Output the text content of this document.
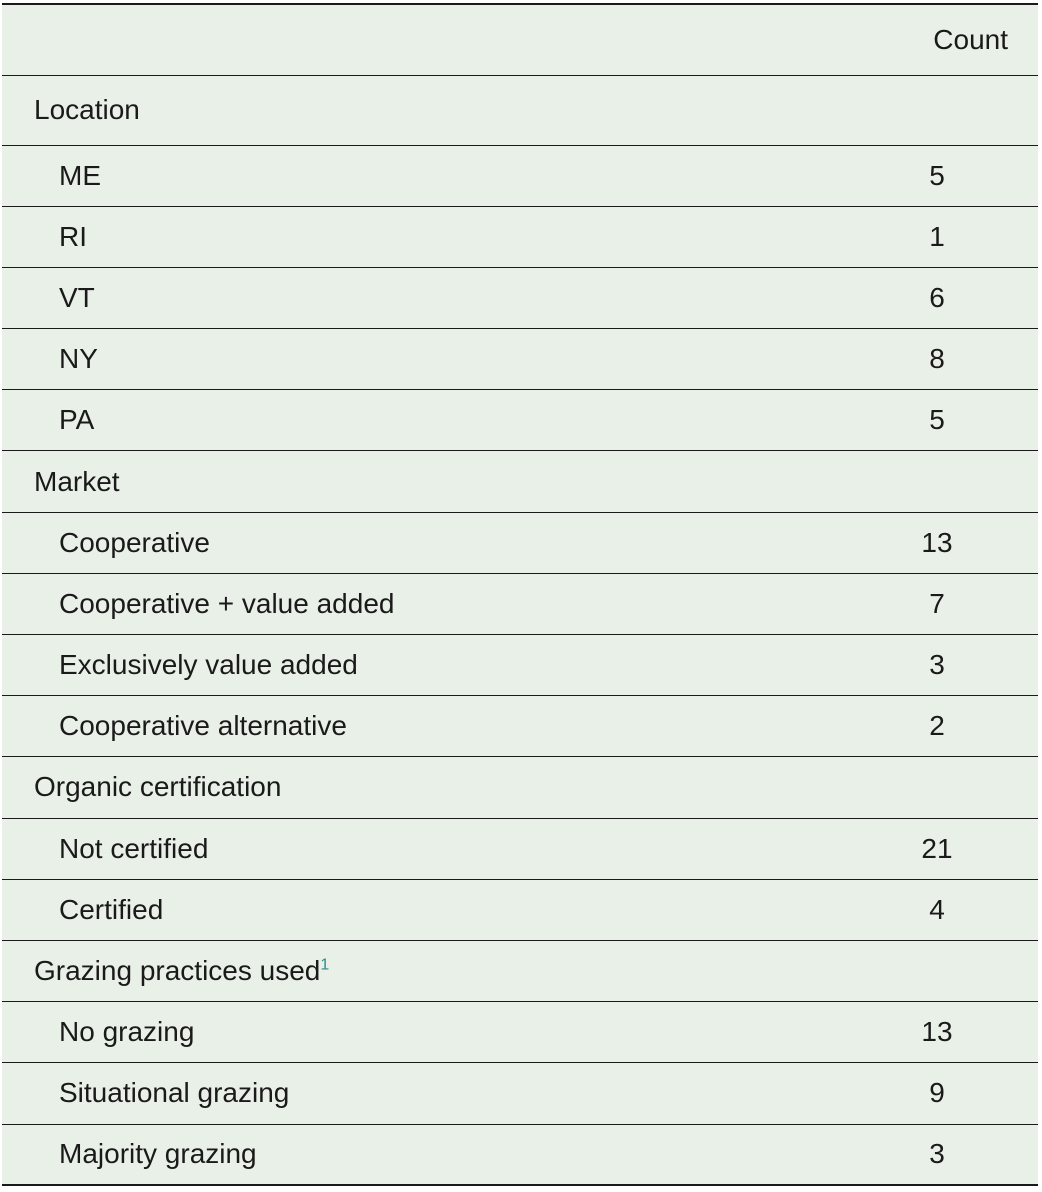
	Count
Location	
ME	5
RI	1
VT	6
NY	8
PA	5
Market	
Cooperative	13
Cooperative + value added	7
Exclusively value added	3
Cooperative alternative	2
Organic certification	
Not certified	21
Certified	4
Grazing practices used$^1$	
No grazing	13
Situational grazing	9
Majority grazing	3
